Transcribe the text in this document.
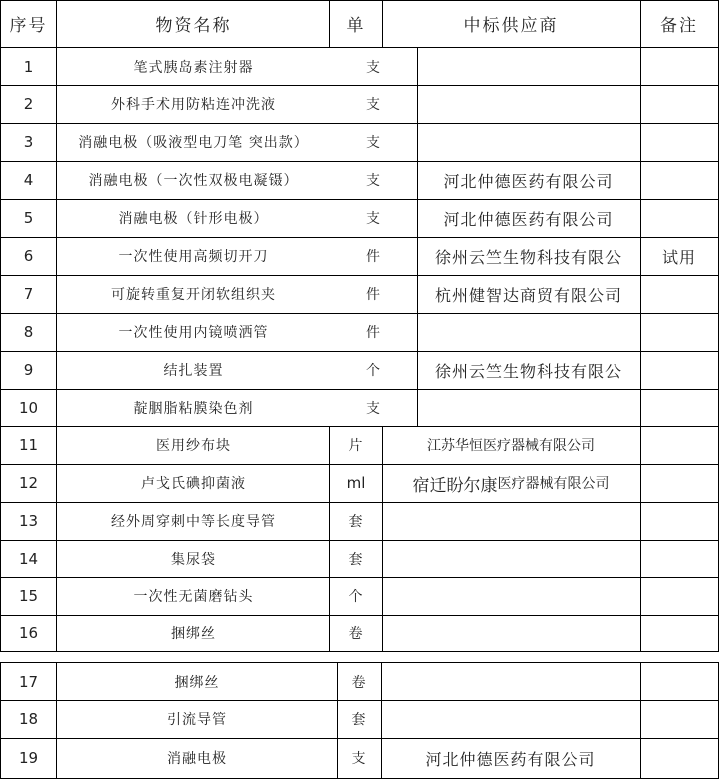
序号	物资名称	单	中标供应商	备注
1	笔式胰岛素注射器	支
2	外科手术用防粘连冲洗液	支
3	消融电极（吸液型电刀笔 突出款）	支
4	消融电极（一次性双极电凝镊）	支	河北仲德医药有限公司
5	消融电极（针形电极）	支	河北仲德医药有限公司
6	一次性使用高频切开刀	件	徐州云竺生物科技有限公	试用
7	可旋转重复开闭软组织夹	件	杭州健智达商贸有限公司
8	一次性使用内镜喷洒管	件
9	结扎装置	个	徐州云竺生物科技有限公
10	靛胭脂粘膜染色剂	支
11	医用纱布块	片	江苏华恒医疗器械有限公司
12	卢戈氏碘抑菌液	ml	宿迁盼尔康 医疗器械有限公司
13	经外周穿刺中等长度导管	套
14	集尿袋	套
15	一次性无菌磨钻头	个
16	捆绑丝	卷
17	捆绑丝	卷
18	引流导管	套
19	消融电极	支	河北仲德医药有限公司
